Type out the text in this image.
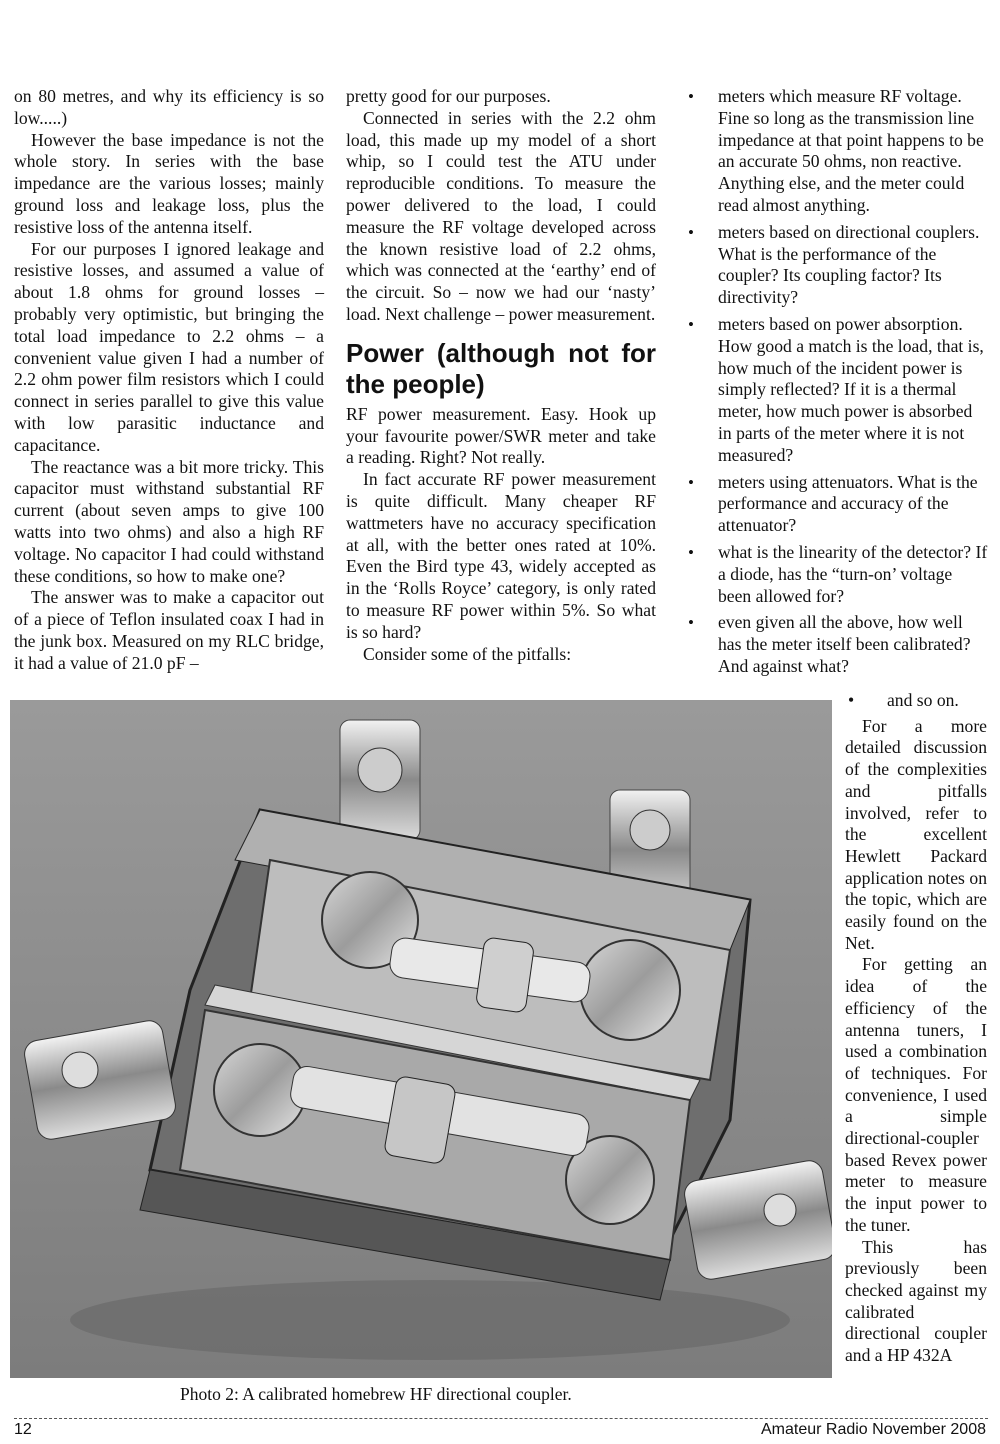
on 80 metres, and why its efficiency is so low.....)

However the base impedance is not the whole story. In series with the base impedance are the various losses; mainly ground loss and leakage loss, plus the resistive loss of the antenna itself.

For our purposes I ignored leakage and resistive losses, and assumed a value of about 1.8 ohms for ground losses – probably very optimistic, but bringing the total load impedance to 2.2 ohms – a convenient value given I had a number of 2.2 ohm power film resistors which I could connect in series parallel to give this value with low parasitic inductance and capacitance.

The reactance was a bit more tricky. This capacitor must withstand substantial RF current (about seven amps to give 100 watts into two ohms) and also a high RF voltage. No capacitor I had could withstand these conditions, so how to make one?

The answer was to make a capacitor out of a piece of Teflon insulated coax I had in the junk box. Measured on my RLC bridge, it had a value of 21.0 pF –

pretty good for our purposes.

Connected in series with the 2.2 ohm load, this made up my model of a short whip, so I could test the ATU under reproducible conditions. To measure the power delivered to the load, I could measure the RF voltage developed across the known resistive load of 2.2 ohms, which was connected at the ‘earthy’ end of the circuit. So – now we had our ‘nasty’ load. Next challenge – power measurement.

Power (although not for the people)

RF power measurement. Easy. Hook up your favourite power/SWR meter and take a reading. Right? Not really.

In fact accurate RF power measurement is quite difficult. Many cheaper RF wattmeters have no accuracy specification at all, with the better ones rated at 10%. Even the Bird type 43, widely accepted as in the ‘Rolls Royce’ category, is only rated to measure RF power within 5%. So what is so hard?

Consider some of the pitfalls:

• meters which measure RF voltage. Fine so long as the transmission line impedance at that point happens to be an accurate 50 ohms, non reactive. Anything else, and the meter could read almost anything.
• meters based on directional couplers. What is the performance of the coupler? Its coupling factor? Its directivity?
• meters based on power absorption. How good a match is the load, that is, how much of the incident power is simply reflected? If it is a thermal meter, how much power is absorbed in parts of the meter where it is not measured?
• meters using attenuators. What is the performance and accuracy of the attenuator?
• what is the linearity of the detector? If a diode, has the “turn-on’ voltage been allowed for?
• even given all the above, how well has the meter itself been calibrated? And against what?

• and so on.

For a more detailed discussion of the complexities and pitfalls involved, refer to the excellent Hewlett Packard application notes on the topic, which are easily found on the Net.

For getting an idea of the efficiency of the antenna tuners, I used a combination of techniques. For convenience, I used a simple directional-coupler based Revex power meter to measure the input power to the tuner.

This has previously been checked against my calibrated directional coupler and a HP 432A

Photo 2: A calibrated homebrew HF directional coupler.
12	Amateur Radio November 2008
